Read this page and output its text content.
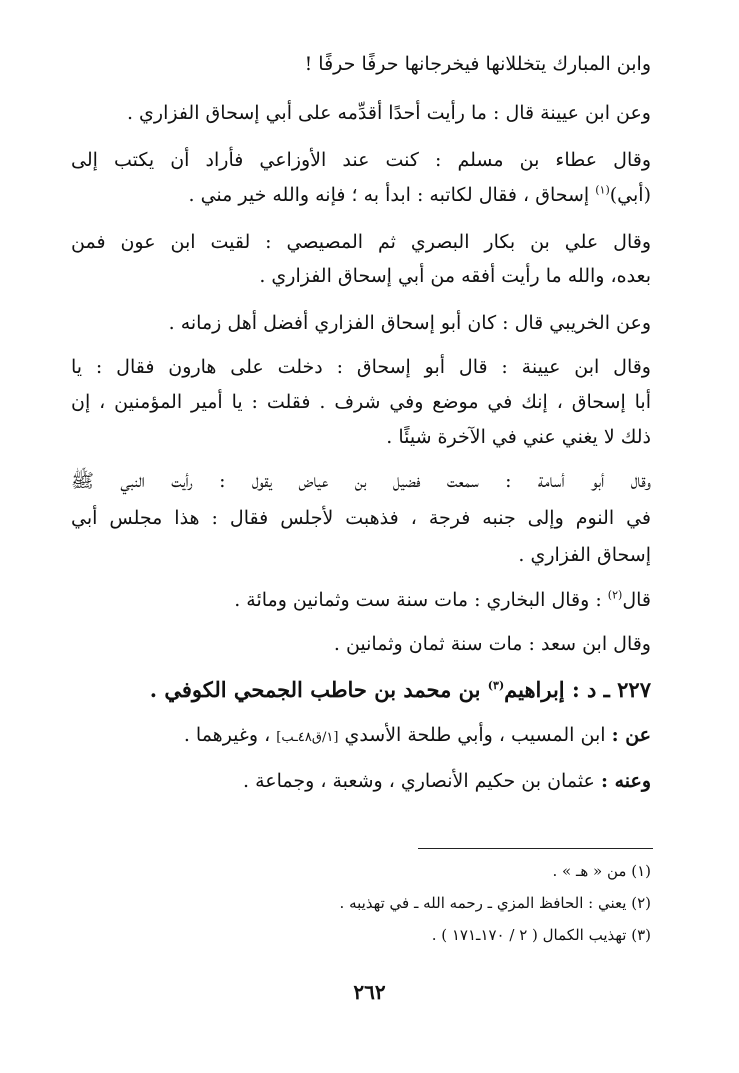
وابن المبارك يتخللانها فيخرجانها حرفًا حرفًا !
وعن ابن عيينة قال : ما رأيت أحدًا أقدِّمه على أبي إسحاق الفزاري .
وقال عطاء بن مسلم : كنت عند الأوزاعي فأراد أن يكتب إلى
(أبي)$^{(١)}$ إسحاق ، فقال لكاتبه : ابدأ به ؛ فإنه والله خير مني .
وقال علي بن بكار البصري ثم المصيصي : لقيت ابن عون فمن
بعده، والله ما رأيت أفقه من أبي إسحاق الفزاري .
وعن الخريبي قال : كان أبو إسحاق الفزاري أفضل أهل زمانه .
وقال ابن عيينة : قال أبو إسحاق : دخلت على هارون فقال : يا
أبا إسحاق ، إنك في موضع وفي شرف . فقلت : يا أمير المؤمنين ، إن
ذلك لا يغني عني في الآخرة شيئًا .
وقال أبو أسامة : سمعت فضيل بن عياض يقول : رأيت النبي ﷺ
في النوم وإلى جنبه فرجة ، فذهبت لأجلس فقال : هذا مجلس أبي
إسحاق الفزاري .
قال$^{(٢)}$ : وقال البخاري : مات سنة ست وثمانين ومائة .
وقال ابن سعد : مات سنة ثمان وثمانين .
٢٢٧ ـ د : إبراهيم$^{(٣)}$ بن محمد بن حاطب الجمحي الكوفي .
عن : ابن المسيب ، وأبي طلحة الأسدي [١/ق٤٨ـب] ، وغيرهما .
وعنه : عثمان بن حكيم الأنصاري ، وشعبة ، وجماعة .
(١) من « هـ » .
(٢) يعني : الحافظ المزي ـ رحمه الله ـ في تهذيبه .
(٣) تهذيب الكمال ( ٢ / ١٧٠ـ١٧١ ) .
٢٦٢
